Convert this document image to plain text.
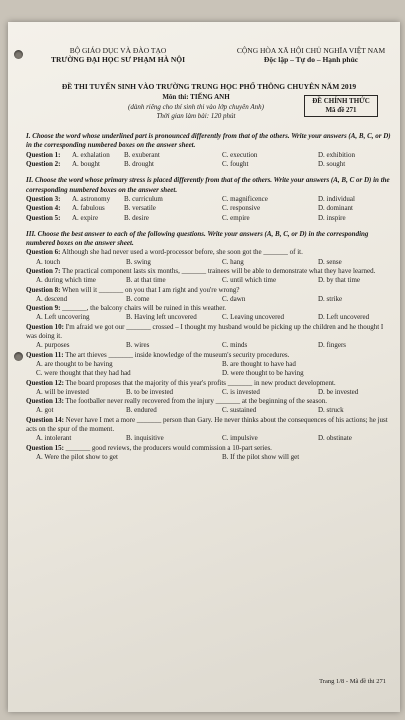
BỘ GIÁO DỤC VÀ ĐÀO TẠO
TRƯỜNG ĐẠI HỌC SƯ PHẠM HÀ NỘI
CỘNG HÒA XÃ HỘI CHỦ NGHĨA VIỆT NAM
Độc lập – Tự do – Hạnh phúc
ĐỀ THI TUYỂN SINH VÀO TRƯỜNG TRUNG HỌC PHỔ THÔNG CHUYÊN NĂM 2019
Môn thi: TIẾNG ANH
(dành riêng cho thí sinh thi vào lớp chuyên Anh)
Thời gian làm bài: 120 phút
ĐỀ CHÍNH THỨC
Mã đề 271
I. Choose the word whose underlined part is pronounced differently from that of the others. Write your answers (A, B, C, or D) in the corresponding numbered boxes on the answer sheet.
Question 1: A. exhalation B. exuberant	C. execution	D. exhibition
Question 2: A. bought	B. drought	C. fought	D. sought
II. Choose the word whose primary stress is placed differently from that of the others. Write your answers (A, B, C or D) in the corresponding numbered boxes on the answer sheet.
Question 3: A. astronomy B. curriculum	C. magnificence	D. individual
Question 4: A. fabulous	B. versatile	C. responsive	D. dominant
Question 5: A. expire	B. desire	C. empire	D. inspire
III. Choose the best answer to each of the following questions. Write your answers (A, B, C, or D) in the corresponding numbered boxes on the answer sheet.
Question 6: Although she had never used a word-processor before, she soon got the _______ of it.
A. touch	B. swing	C. hang	D. sense
Question 7: The practical component lasts six months, _______ trainees will be able to demonstrate what they have learned.
A. during which time	B. at that time	C. until which time	D. by that time
Question 8: When will it _______ on you that I am right and you're wrong?
A. descend	B. come	C. dawn	D. strike
Question 9: _______, the balcony chairs will be ruined in this weather.
A. Left uncovering	B. Having left uncovered	C. Leaving uncovered	D. Left uncovered
Question 10: I'm afraid we got our _______ crossed – I thought my husband would be picking up the children and he thought I was doing it.
A. purposes	B. wires	C. minds	D. fingers
Question 11: The art thieves _______ inside knowledge of the museum's security procedures.
A. are thought to be having	B. are thought to have had
C. were thought that they had had	D. were thought to be having
Question 12: The board proposes that the majority of this year's profits _______ in new product development.
A. will be invested	B. to be invested	C. is invested	D. be invested
Question 13: The footballer never really recovered from the injury _______ at the beginning of the season.
A. got	B. endured	C. sustained	D. struck
Question 14: Never have I met a more _______ person than Gary. He never thinks about the consequences of his actions; he just acts on the spur of the moment.
A. intolerant	B. inquisitive	C. impulsive	D. obstinate
Question 15: _______ good reviews, the producers would commission a 10-part series.
A. Were the pilot show to get	B. If the pilot show will get
Trang 1/8 - Mã đề thi 271
